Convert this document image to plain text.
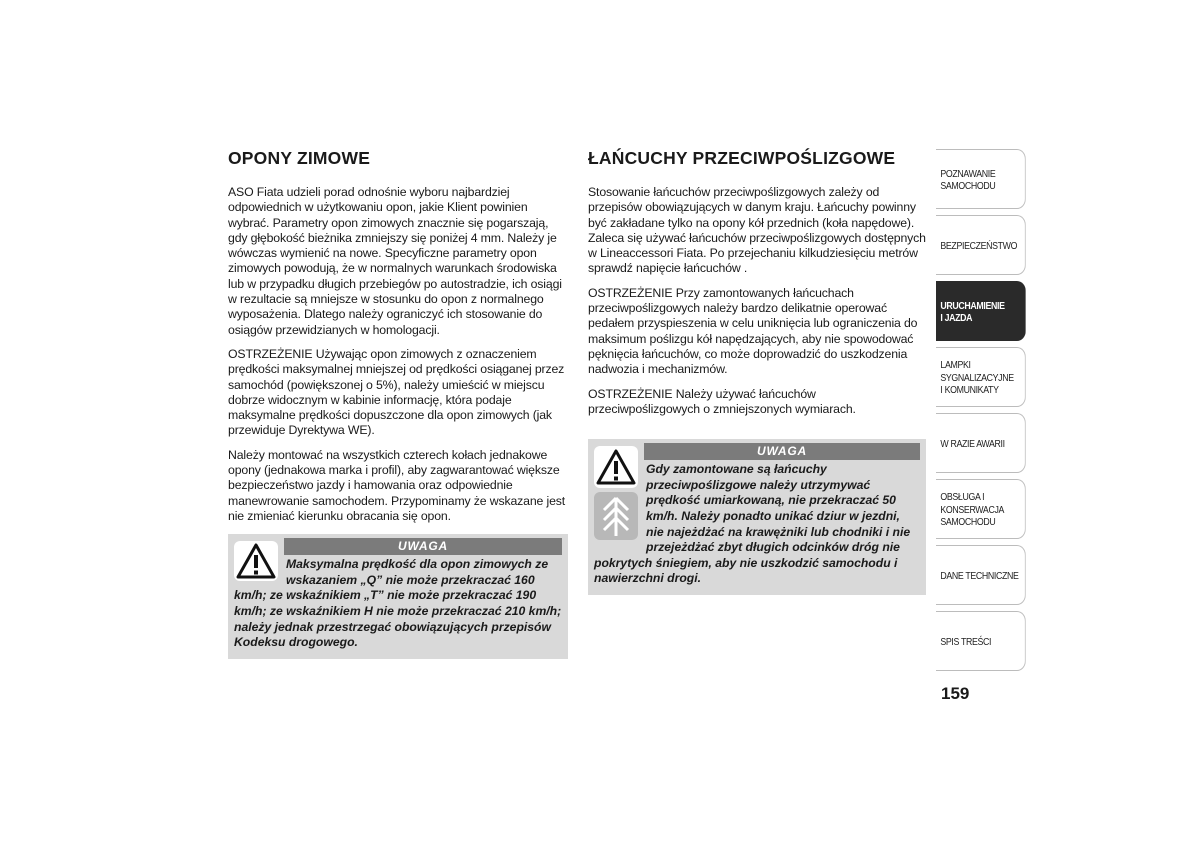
OPONY ZIMOWE

ASO Fiata udzieli porad odnośnie wyboru najbardziej odpowiednich w użytkowaniu opon, jakie Klient powinien wybrać. Parametry opon zimowych znacznie się pogarszają, gdy głębokość bieżnika zmniejszy się poniżej 4 mm. Należy je wówczas wymienić na nowe. Specyficzne parametry opon zimowych powodują, że w normalnych warunkach środowiska lub w przypadku długich przebiegów po autostradzie, ich osiągi w rezultacie są mniejsze w stosunku do opon z normalnego wyposażenia. Dlatego należy ograniczyć ich stosowanie do osiągów przewidzianych w homologacji.

OSTRZEŻENIE Używając opon zimowych z oznaczeniem prędkości maksymalnej mniejszej od prędkości osiąganej przez samochód (powiększonej o 5%), należy umieścić w miejscu dobrze widocznym w kabinie informację, która podaje maksymalne prędkości dopuszczone dla opon zimowych (jak przewiduje Dyrektywa WE).

Należy montować na wszystkich czterech kołach jednakowe opony (jednakowa marka i profil), aby zagwarantować większe bezpieczeństwo jazdy i hamowania oraz odpowiednie manewrowanie samochodem. Przypominamy że wskazane jest nie zmieniać kierunku obracania się opon.

UWAGA
Maksymalna prędkość dla opon zimowych ze wskazaniem „Q” nie może przekraczać 160 km/h; ze wskaźnikiem „T” nie może przekraczać 190 km/h; ze wskaźnikiem H nie może przekraczać 210 km/h; należy jednak przestrzegać obowiązujących przepisów Kodeksu drogowego.
ŁAŃCUCHY PRZECIWPOŚLIZGOWE

Stosowanie łańcuchów przeciwpoślizgowych zależy od przepisów obowiązujących w danym kraju. Łańcuchy powinny być zakładane tylko na opony kół przednich (koła napędowe). Zaleca się używać łańcuchów przeciwpoślizgowych dostępnych w Lineaccessori Fiata. Po przejechaniu kilkudziesięciu metrów sprawdź napięcie łańcuchów .

OSTRZEŻENIE Przy zamontowanych łańcuchach przeciwpoślizgowych należy bardzo delikatnie operować pedałem przyspieszenia w celu uniknięcia lub ograniczenia do maksimum poślizgu kół napędzających, aby nie spowodować pęknięcia łańcuchów, co może doprowadzić do uszkodzenia nadwozia i mechanizmów.

OSTRZEŻENIE Należy używać łańcuchów przeciwpoślizgowych o zmniejszonych wymiarach.

UWAGA
Gdy zamontowane są łańcuchy przeciwpoślizgowe należy utrzymywać prędkość umiarkowaną, nie przekraczać 50 km/h. Należy ponadto unikać dziur w jezdni, nie najeżdżać na krawężniki lub chodniki i nie przejeżdżać zbyt długich odcinków dróg nie pokrytych śniegiem, aby nie uszkodzić samochodu i nawierzchni drogi.
POZNAWANIE
SAMOCHODU
BEZPIECZEŃSTWO
URUCHAMIENIE
I JAZDA
LAMPKI
SYGNALIZACYJNE
I KOMUNIKATY
W RAZIE AWARII
OBSŁUGA I
KONSERWACJA
SAMOCHODU
DANE TECHNICZNE
SPIS TREŚCI
159
